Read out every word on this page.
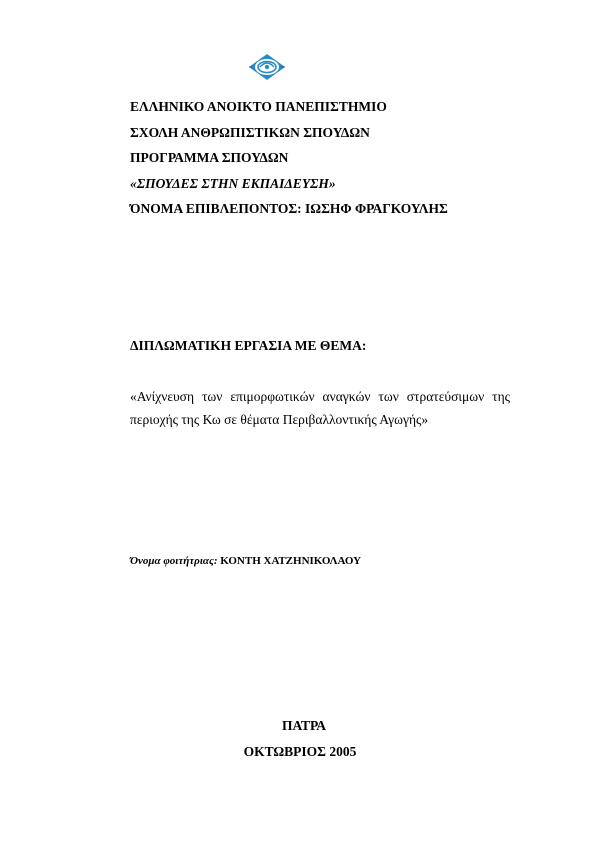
ΕΛΛΗΝΙΚΟ ΑΝΟΙΚΤΟ ΠΑΝΕΠΙΣΤΗΜΙΟ
ΣΧΟΛΗ ΑΝΘΡΩΠΙΣΤΙΚΩΝ ΣΠΟΥΔΩΝ
ΠΡΟΓΡΑΜΜΑ ΣΠΟΥΔΩΝ
«ΣΠΟΥΔΕΣ ΣΤΗΝ ΕΚΠΑΙΔΕΥΣΗ»
ΌΝΟΜΑ ΕΠΙΒΛΕΠΟΝΤΟΣ: ΙΩΣΗΦ ΦΡΑΓΚΟΥΛΗΣ
ΔΙΠΛΩΜΑΤΙΚΗ ΕΡΓΑΣΙΑ ΜΕ ΘΕΜΑ:
«Ανίχνευση των επιμορφωτικών αναγκών των στρατεύσιμων της περιοχής της Κω σε θέματα Περιβαλλοντικής Αγωγής»
Όνομα φοιτήτριας: ΚΟΝΤΗ ΧΑΤΖΗΝΙΚΟΛΑΟΥ
ΠΑΤΡΑ
ΟΚΤΩΒΡΙΟΣ 2005
